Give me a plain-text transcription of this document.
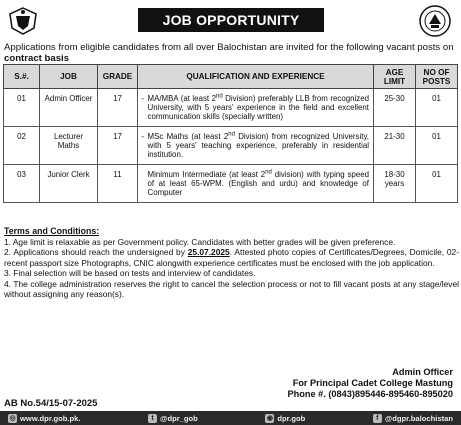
JOB OPPORTUNITY
Applications from eligible candidates from all over Balochistan are invited for the following vacant posts on contract basis
S.#.	JOB	GRADE	QUALIFICATION AND EXPERIENCE		AGE LIMIT	NO OF POSTS
01	Admin Officer	17	-	MA/MBA (at least 2nd Division) preferably LLB from recognized University, with 5 years' experience in the field and excellent communication skills (specially written)	25-30	01
02	Lecturer Maths	17	-	MSc Maths (at least 2nd Division) from recognized University, with 5 years' teaching experience, preferably in residential institution.	21-30	01
03	Junior Clerk	11		Minimum Intermediate (at least 2nd division) with typing speed of at least 65-WPM. (English and urdu) and knowledge of Computer	18-30 years	01
Terms and Conditions:

1. Age limit is relaxable as per Government policy. Candidates with better grades will be given preference.

2. Applications should reach the undersigned by 25.07.2025. Attested photo copies of Certificates/Degrees, Domicile, 02-recent passport size Photographs, CNIC alongwith experience certificates must be enclosed with the job application.

3. Final selection will be based on tests and interview of candidates.

4. The college administration reserves the right to cancel the selection process or not to fill vacant posts at any stage/level without assigning any reason(s).

Admin Officer
For Principal Cadet College Mastung
Phone #. (0843)895446-895460-895020
AB No.54/15-07-2025
◎ www.dpr.gob.pk.	t @dpr_gob	◉ dpr.gob	f @dgpr.balochistan
